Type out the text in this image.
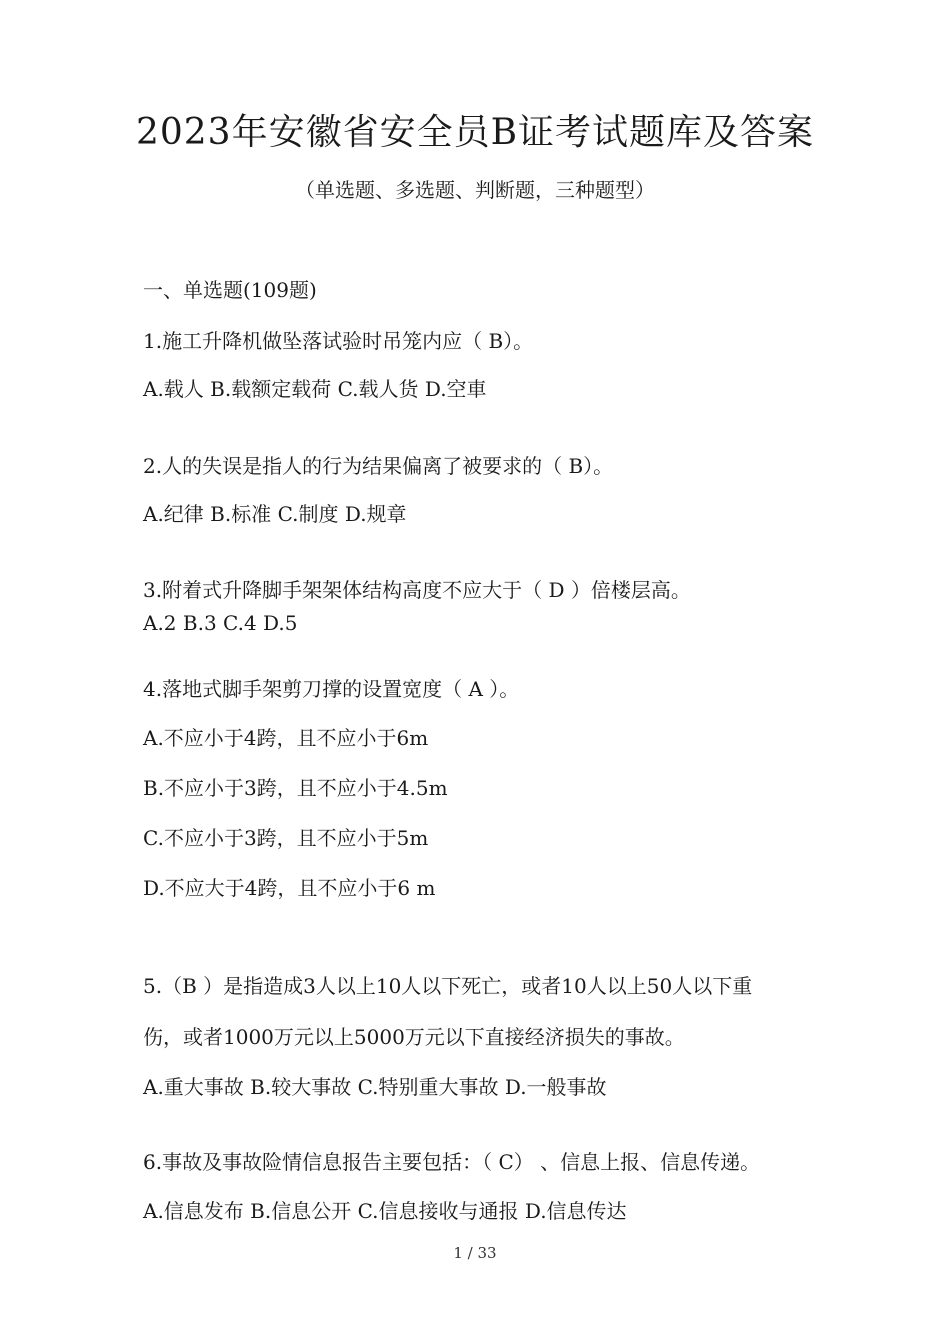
2023年安徽省安全员B证考试题库及答案
（单选题、多选题、判断题，三种题型）
一、单选题(109题)
1.施工升降机做坠落试验时吊笼内应（ B）。
A.载人 B.载额定载荷 C.载人货 D.空車
2.人的失误是指人的行为结果偏离了被要求的（ B）。
A.纪律 B.标准 C.制度 D.规章
3.附着式升降脚手架架体结构高度不应大于（ D ）倍楼层高。
A.2 B.3 C.4 D.5
4.落地式脚手架剪刀撑的设置宽度（ A ）。
A.不应小于4跨，且不应小于6m
B.不应小于3跨，且不应小于4.5m
C.不应小于3跨，且不应小于5m
D.不应大于4跨，且不应小于6 m
5.（B ）是指造成3人以上10人以下死亡，或者10人以上50人以下重
伤，或者1000万元以上5000万元以下直接经济损失的事故。
A.重大事故 B.较大事故 C.特别重大事故 D.一般事故
6.事故及事故险情信息报告主要包括：（ C） 、信息上报、信息传递。
A.信息发布 B.信息公开 C.信息接收与通报 D.信息传达
1 / 33
